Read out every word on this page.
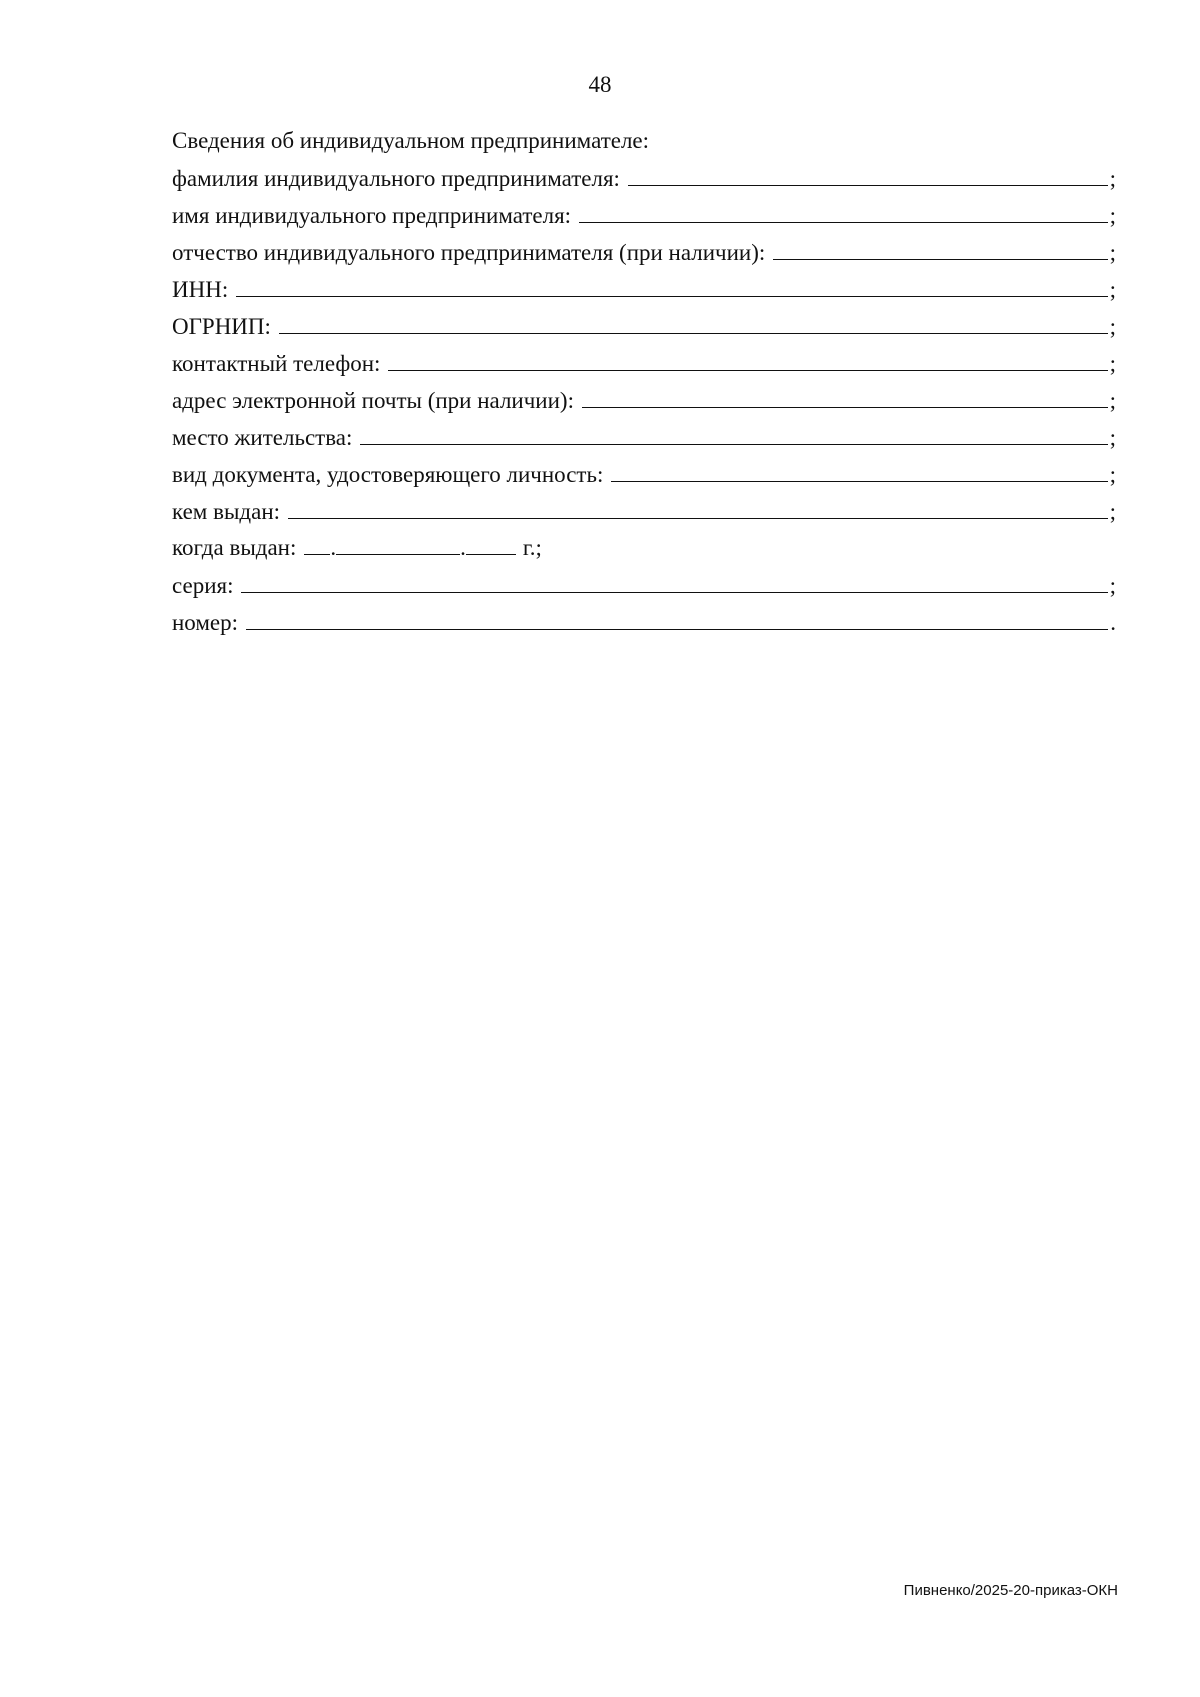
48
Сведения об индивидуальном предпринимателе:
фамилия индивидуального предпринимателя:	;
имя индивидуального предпринимателя:	;
отчество индивидуального предпринимателя (при наличии):	;
ИНН:	;
ОГРНИП:	;
контактный телефон:	;
адрес электронной почты (при наличии):	;
место жительства:	;
вид документа, удостоверяющего личность:	;
кем выдан:	;
когда выдан: .	. г.;
серия:	;
номер:	.
Пивненко/2025-20-приказ-ОКН
